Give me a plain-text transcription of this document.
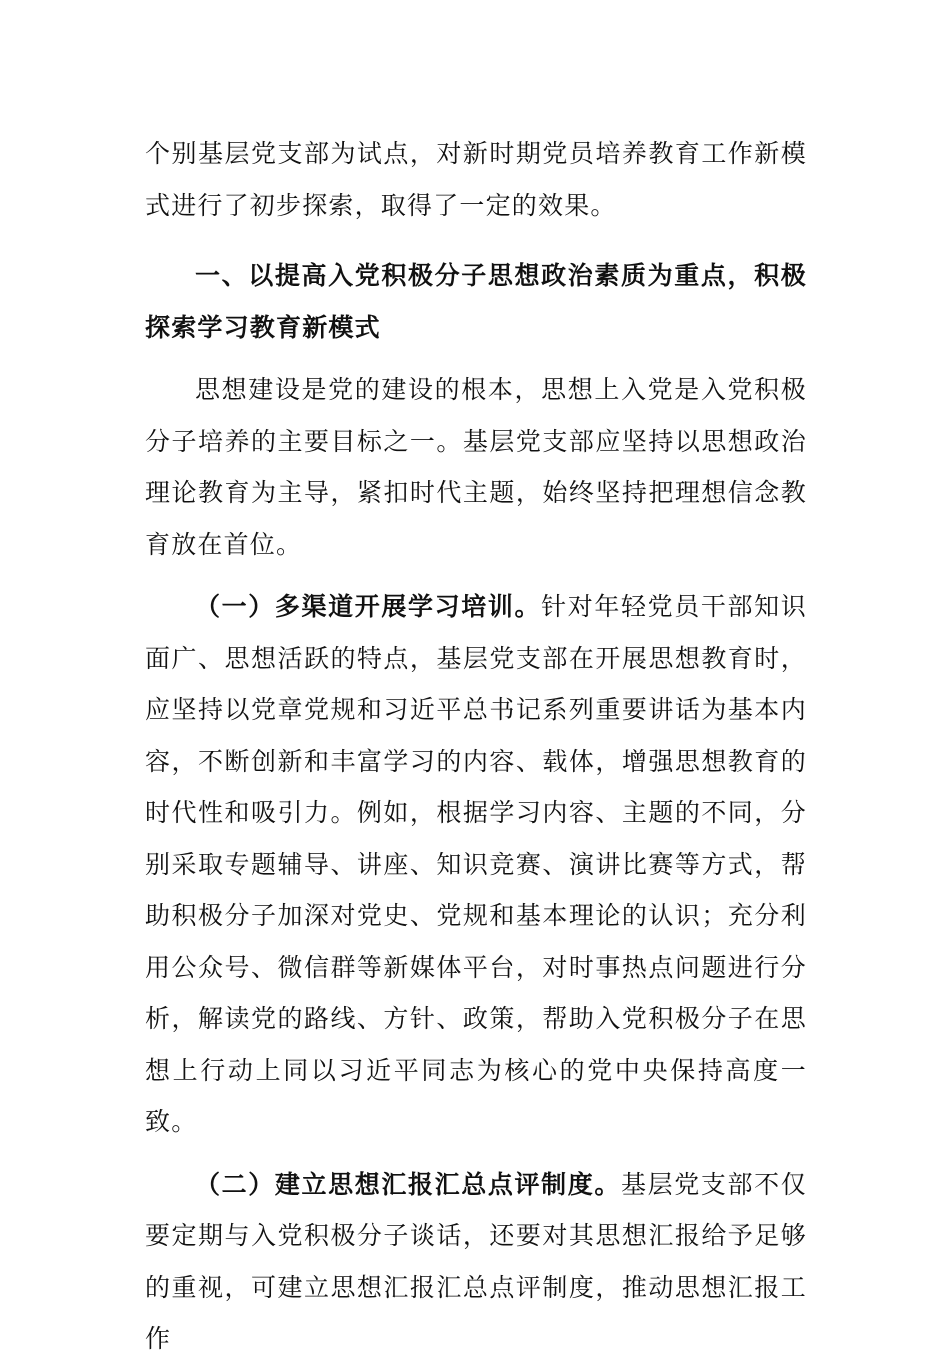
个别基层党支部为试点，对新时期党员培养教育工作新模式进行了初步探索，取得了一定的效果。

一、以提高入党积极分子思想政治素质为重点，积极探索学习教育新模式

思想建设是党的建设的根本，思想上入党是入党积极分子培养的主要目标之一。基层党支部应坚持以思想政治理论教育为主导，紧扣时代主题，始终坚持把理想信念教育放在首位。

（一）多渠道开展学习培训。针对年轻党员干部知识面广、思想活跃的特点，基层党支部在开展思想教育时，应坚持以党章党规和习近平总书记系列重要讲话为基本内容，不断创新和丰富学习的内容、载体，增强思想教育的时代性和吸引力。例如，根据学习内容、主题的不同，分别采取专题辅导、讲座、知识竞赛、演讲比赛等方式，帮助积极分子加深对党史、党规和基本理论的认识；充分利用公众号、微信群等新媒体平台，对时事热点问题进行分析，解读党的路线、方针、政策，帮助入党积极分子在思想上行动上同以习近平同志为核心的党中央保持高度一致。

（二）建立思想汇报汇总点评制度。基层党支部不仅要定期与入党积极分子谈话，还要对其思想汇报给予足够的重视，可建立思想汇报汇总点评制度，推动思想汇报工作
